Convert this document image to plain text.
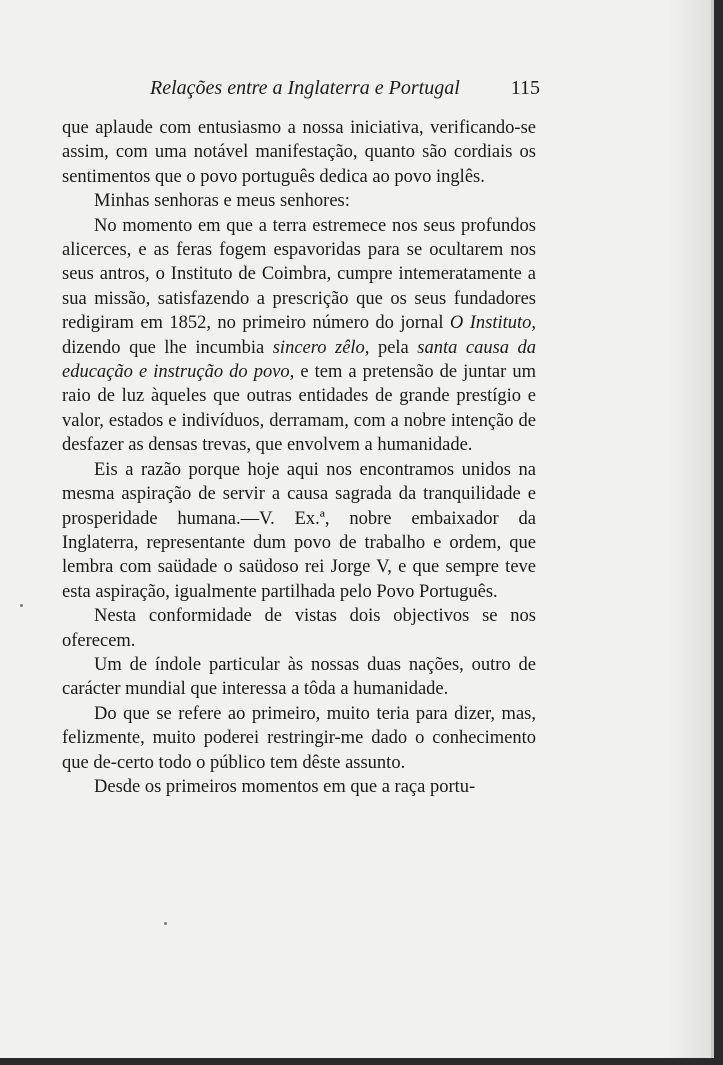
Relações entre a Inglaterra e Portugal	115

que aplaude com entusiasmo a nossa iniciativa, verificando-se assim, com uma notável manifestação, quanto são cordiais os sentimentos que o povo português dedica ao povo inglês.

Minhas senhoras e meus senhores:

No momento em que a terra estremece nos seus profundos alicerces, e as feras fogem espavoridas para se ocultarem nos seus antros, o Instituto de Coimbra, cumpre intemeratamente a sua missão, satisfazendo a prescrição que os seus fundadores redigiram em 1852, no primeiro número do jornal O Instituto, dizendo que lhe incumbia sincero zêlo, pela santa causa da educação e instrução do povo, e tem a pretensão de juntar um raio de luz àqueles que outras entidades de grande prestígio e valor, estados e indivíduos, derramam, com a nobre intenção de desfazer as densas trevas, que envolvem a humanidade.

Eis a razão porque hoje aqui nos encontramos unidos na mesma aspiração de servir a causa sagrada da tranquilidade e prosperidade humana.—V. Ex.ª, nobre embaixador da Inglaterra, representante dum povo de trabalho e ordem, que lembra com saüdade o saüdoso rei Jorge V, e que sempre teve esta aspiração, igualmente partilhada pelo Povo Português.

Nesta conformidade de vistas dois objectivos se nos oferecem.

Um de índole particular às nossas duas nações, outro de carácter mundial que interessa a tôda a humanidade.

Do que se refere ao primeiro, muito teria para dizer, mas, felizmente, muito poderei restringir-me dado o conhecimento que de-certo todo o público tem dêste assunto.

Desde os primeiros momentos em que a raça portu-
